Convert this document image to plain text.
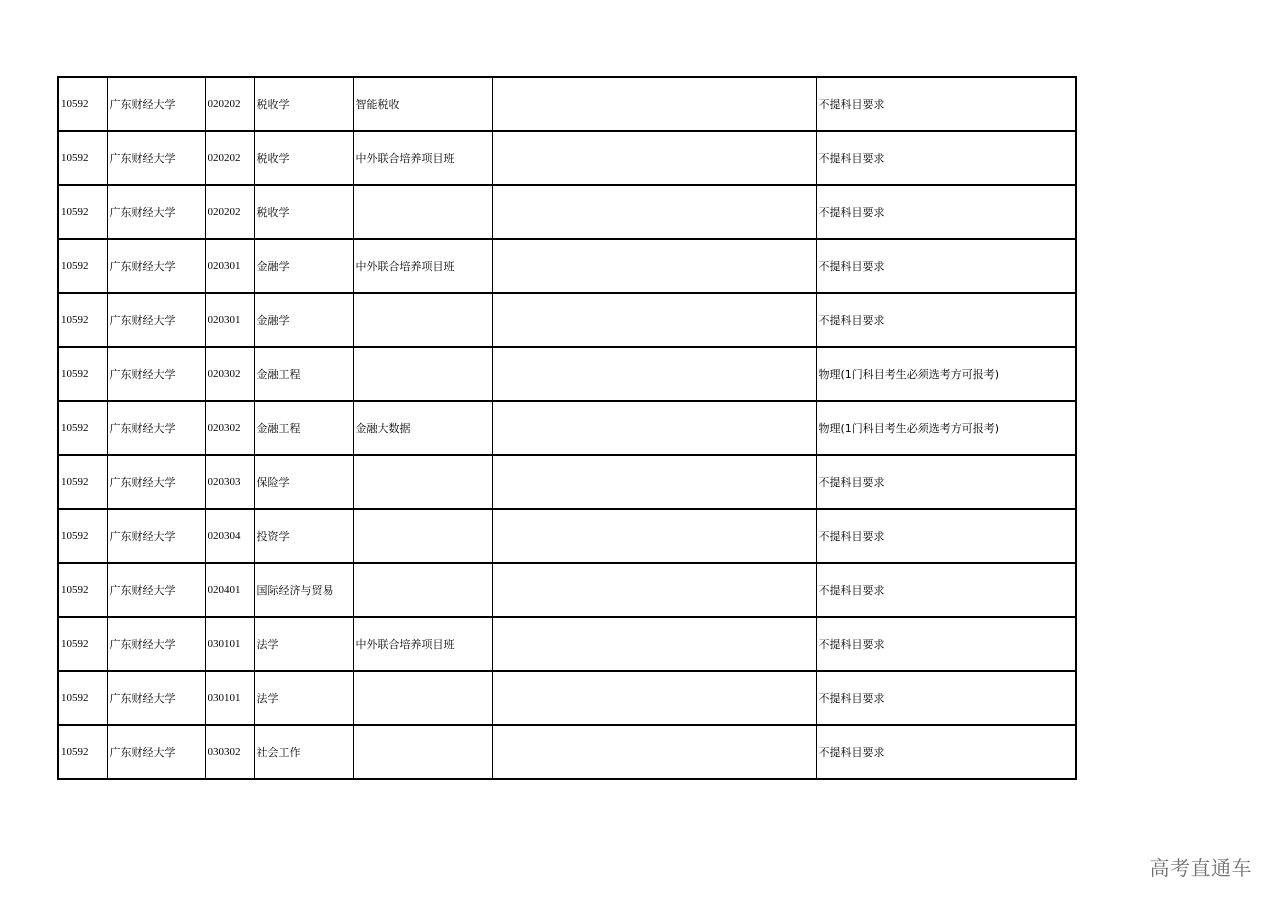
10592	广东财经大学	020202	税收学	智能税收		不提科目要求
10592	广东财经大学	020202	税收学	中外联合培养项目班		不提科目要求
10592	广东财经大学	020202	税收学			不提科目要求
10592	广东财经大学	020301	金融学	中外联合培养项目班		不提科目要求
10592	广东财经大学	020301	金融学			不提科目要求
10592	广东财经大学	020302	金融工程			物理(1门科目考生必须选考方可报考)
10592	广东财经大学	020302	金融工程	金融大数据		物理(1门科目考生必须选考方可报考)
10592	广东财经大学	020303	保险学			不提科目要求
10592	广东财经大学	020304	投资学			不提科目要求
10592	广东财经大学	020401	国际经济与贸易			不提科目要求
10592	广东财经大学	030101	法学	中外联合培养项目班		不提科目要求
10592	广东财经大学	030101	法学			不提科目要求
10592	广东财经大学	030302	社会工作			不提科目要求
高考直通车
